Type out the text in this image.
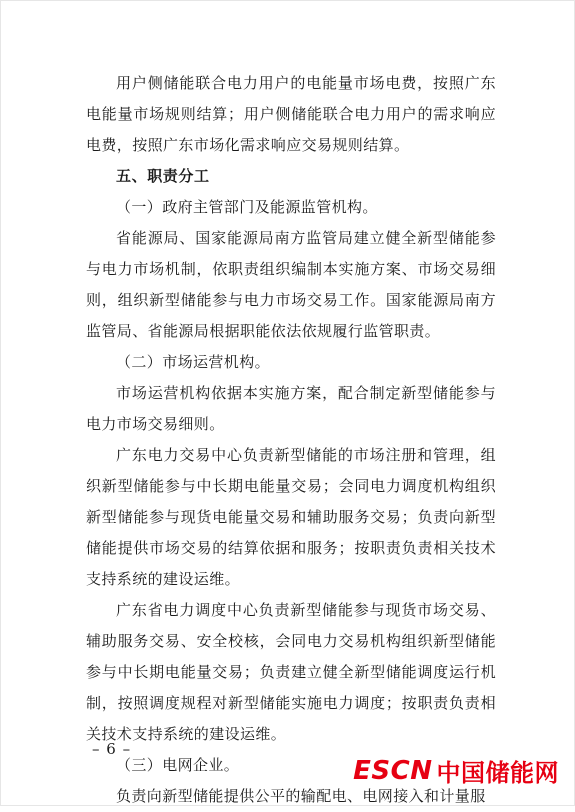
用户侧储能联合电力用户的电能量市场电费，按照广东电能量市场规则结算；用户侧储能联合电力用户的需求响应电费，按照广东市场化需求响应交易规则结算。

五、职责分工

（一）政府主管部门及能源监管机构。

省能源局、国家能源局南方监管局建立健全新型储能参与电力市场机制，依职责组织编制本实施方案、市场交易细则，组织新型储能参与电力市场交易工作。国家能源局南方监管局、省能源局根据职能依法依规履行监管职责。

（二）市场运营机构。

市场运营机构依据本实施方案，配合制定新型储能参与电力市场交易细则。

广东电力交易中心负责新型储能的市场注册和管理，组织新型储能参与中长期电能量交易；会同电力调度机构组织新型储能参与现货电能量交易和辅助服务交易；负责向新型储能提供市场交易的结算依据和服务；按职责负责相关技术支持系统的建设运维。

广东省电力调度中心负责新型储能参与现货市场交易、辅助服务交易、安全校核，会同电力交易机构组织新型储能参与中长期电能量交易；负责建立健全新型储能调度运行机制，按照调度规程对新型储能实施电力调度；按职责负责相关技术支持系统的建设运维。

（三）电网企业。

负责向新型储能提供公平的输配电、电网接入和计量服

– 6 –
ESCN 中国储能网
